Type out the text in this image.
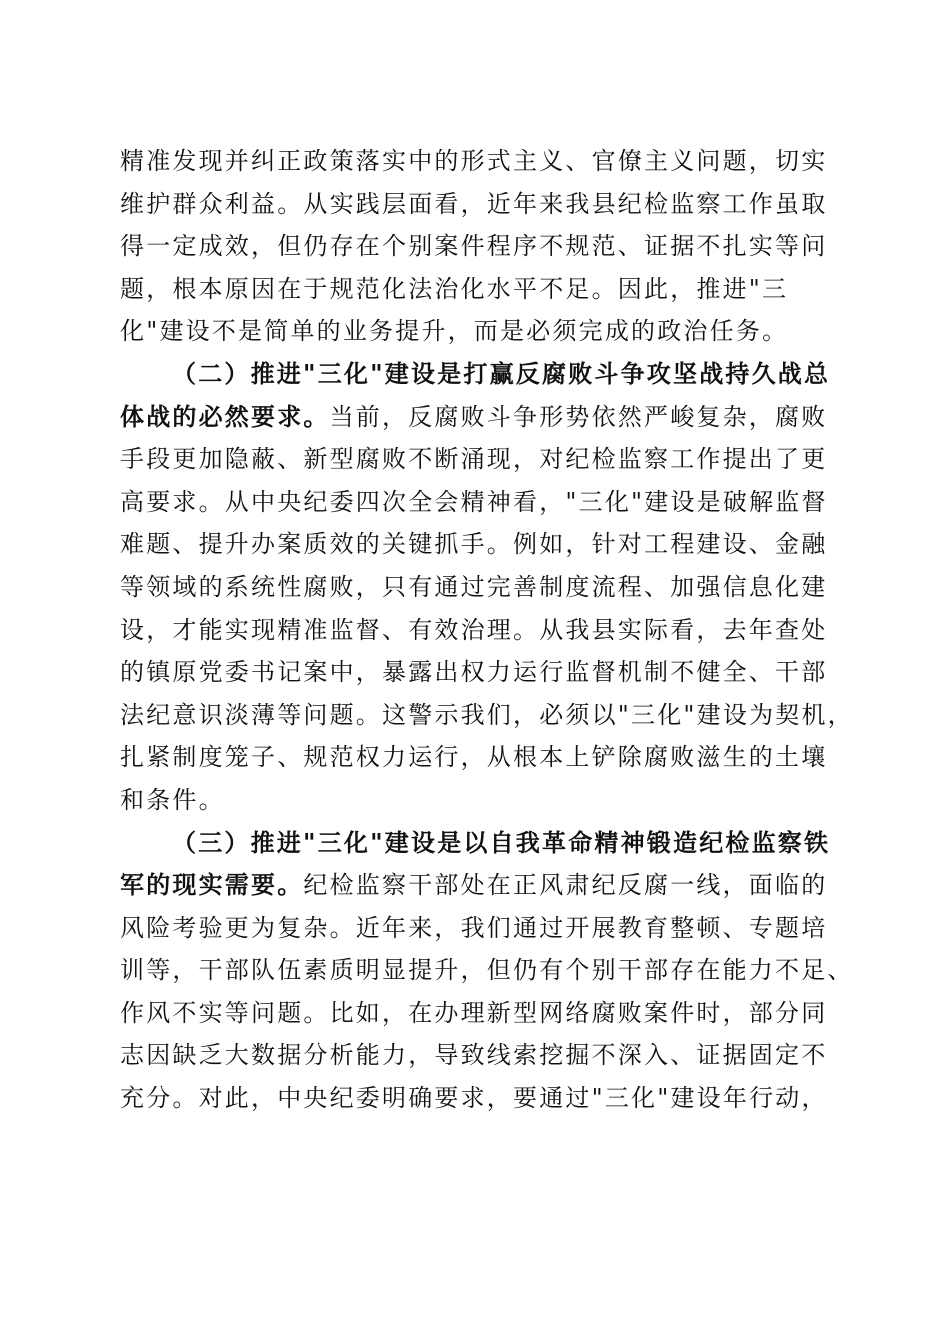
精准发现并纠正政策落实中的形式主义、官僚主义问题，切实
维护群众利益。从实践层面看，近年来我县纪检监察工作虽取
得一定成效，但仍存在个别案件程序不规范、证据不扎实等问
题，根本原因在于规范化法治化水平不足。因此，推进"三
化"建设不是简单的业务提升，而是必须完成的政治任务。
（二）推进"三化"建设是打赢反腐败斗争攻坚战持久战总
体战的必然要求。当前，反腐败斗争形势依然严峻复杂，腐败
手段更加隐蔽、新型腐败不断涌现，对纪检监察工作提出了更
高要求。从中央纪委四次全会精神看，"三化"建设是破解监督
难题、提升办案质效的关键抓手。例如，针对工程建设、金融
等领域的系统性腐败，只有通过完善制度流程、加强信息化建
设，才能实现精准监督、有效治理。从我县实际看，去年查处
的镇原党委书记案中，暴露出权力运行监督机制不健全、干部
法纪意识淡薄等问题。这警示我们，必须以"三化"建设为契机，
扎紧制度笼子、规范权力运行，从根本上铲除腐败滋生的土壤
和条件。
（三）推进"三化"建设是以自我革命精神锻造纪检监察铁
军的现实需要。纪检监察干部处在正风肃纪反腐一线，面临的
风险考验更为复杂。近年来，我们通过开展教育整顿、专题培
训等，干部队伍素质明显提升，但仍有个别干部存在能力不足、
作风不实等问题。比如，在办理新型网络腐败案件时，部分同
志因缺乏大数据分析能力，导致线索挖掘不深入、证据固定不
充分。对此，中央纪委明确要求，要通过"三化"建设年行动，
